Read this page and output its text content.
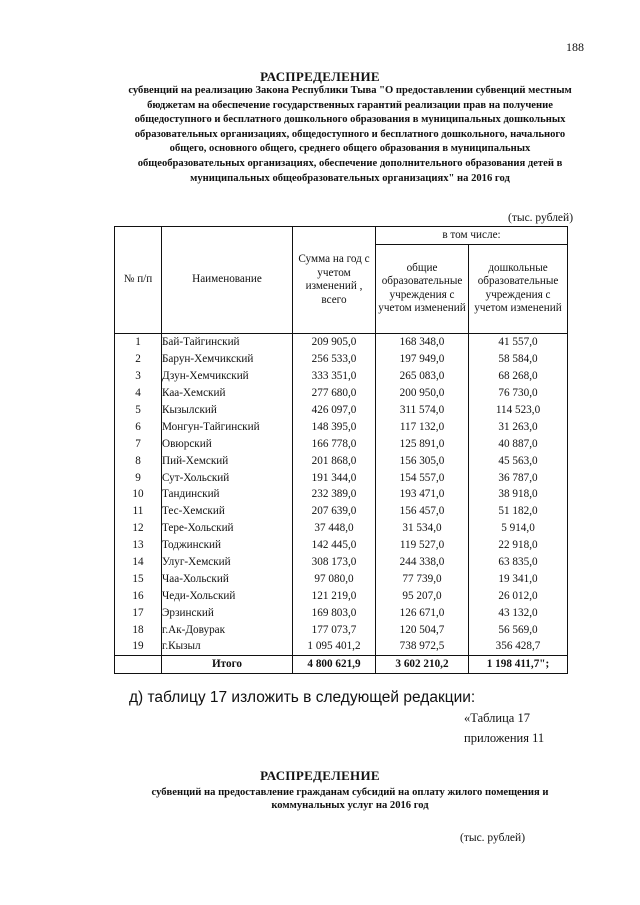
188
РАСПРЕДЕЛЕНИЕ
субвенций на реализацию Закона Республики Тыва "О предоставлении субвенций местным бюджетам на обеспечение государственных гарантий реализации прав на получение общедоступного и бесплатного дошкольного образования в муниципальных дошкольных образовательных организациях, общедоступного и бесплатного дошкольного, начального общего, основного общего, среднего общего образования в муниципальных общеобразовательных организациях, обеспечение дополнительного образования детей в муниципальных общеобразовательных организациях" на 2016 год
(тыс. рублей)
№ п/п	Наименование	Сумма на год с учетом изменений , всего	в том числе:	
			общие образовательные учреждения с учетом изменений	дошкольные образовательные учреждения с учетом изменений
1	Бай-Тайгинский	209 905,0	168 348,0	41 557,0
2	Барун-Хемчикский	256 533,0	197 949,0	58 584,0
3	Дзун-Хемчикский	333 351,0	265 083,0	68 268,0
4	Каа-Хемский	277 680,0	200 950,0	76 730,0
5	Кызылский	426 097,0	311 574,0	114 523,0
6	Монгун-Тайгинский	148 395,0	117 132,0	31 263,0
7	Овюрский	166 778,0	125 891,0	40 887,0
8	Пий-Хемский	201 868,0	156 305,0	45 563,0
9	Сут-Хольский	191 344,0	154 557,0	36 787,0
10	Тандинский	232 389,0	193 471,0	38 918,0
11	Тес-Хемский	207 639,0	156 457,0	51 182,0
12	Тере-Хольский	37 448,0	31 534,0	5 914,0
13	Тоджинский	142 445,0	119 527,0	22 918,0
14	Улуг-Хемский	308 173,0	244 338,0	63 835,0
15	Чаа-Хольский	97 080,0	77 739,0	19 341,0
16	Чеди-Хольский	121 219,0	95 207,0	26 012,0
17	Эрзинский	169 803,0	126 671,0	43 132,0
18	г.Ак-Довурак	177 073,7	120 504,7	56 569,0
19	г.Кызыл	1 095 401,2	738 972,5	356 428,7
	Итого	4 800 621,9	3 602 210,2	1 198 411,7";
д) таблицу 17 изложить в следующей редакции:
«Таблица 17
приложения 11
РАСПРЕДЕЛЕНИЕ
субвенций на предоставление гражданам субсидий на оплату жилого помещения и коммунальных услуг на 2016 год
(тыс. рублей)
